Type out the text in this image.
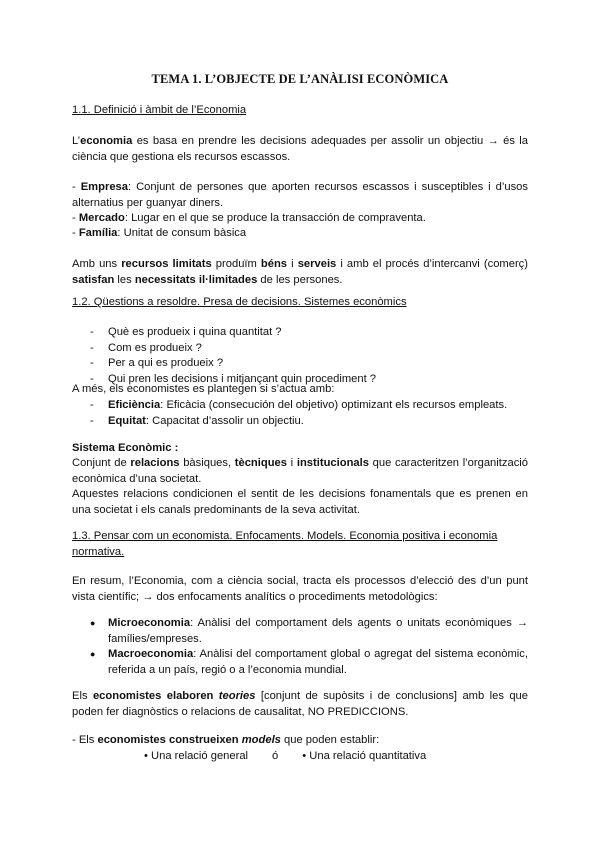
TEMA 1. L’OBJECTE DE L’ANÀLISI ECONÒMICA
1.1. Definició i àmbit de l’Economia
L’economia es basa en prendre les decisions adequades per assolir un objectiu → és la ciència que gestiona els recursos escassos.
- Empresa: Conjunt de persones que aporten recursos escassos i susceptibles i d’usos alternatius per guanyar diners.
- Mercado: Lugar en el que se produce la transacción de compraventa.
- Família: Unitat de consum bàsica
Amb uns recursos limitats produïm béns i serveis i amb el procés d’intercanvi (comerç) satisfan les necessitats il·limitades de les persones.
1.2. Qüestions a resoldre. Presa de decisions. Sistemes econòmics
- Què es produeix i quina quantitat ?
- Com es produeix ?
- Per a qui es produeix ?
- Qui pren les decisions i mitjançant quin procediment ?
A més, els economistes es plantegen si s’actua amb:
- Eficiència: Eficàcia (consecución del objetivo) optimizant els recursos empleats.
- Equitat: Capacitat d’assolir un objectiu.
Sistema Econòmic :
Conjunt de relacions bàsiques, tècniques i institucionals que caracteritzen l’organització econòmica d’una societat.
Aquestes relacions condicionen el sentit de les decisions fonamentals que es prenen en una societat i els canals predominants de la seva activitat.
1.3. Pensar com un economista. Enfocaments. Models. Economia positiva i economia
normativa.
En resum, l’Economia, com a ciència social, tracta els processos d’elecció des d’un punt vista científic; → dos enfocaments analítics o procediments metodològics:
● Microeconomia: Anàlisi del comportament dels agents o unitats econòmiques → famílies/empreses.
● Macroeconomia: Anàlisi del comportament global o agregat del sistema econòmic, referida a un país, regió o a l’economia mundial.
Els economistes elaboren teories [conjunt de supòsits i de conclusions] amb les que poden fer diagnòstics o relacions de causalitat, NO PREDICCIONS.
- Els economistes construeixen models que poden establir:
• Una relació general ó • Una relació quantitativa
